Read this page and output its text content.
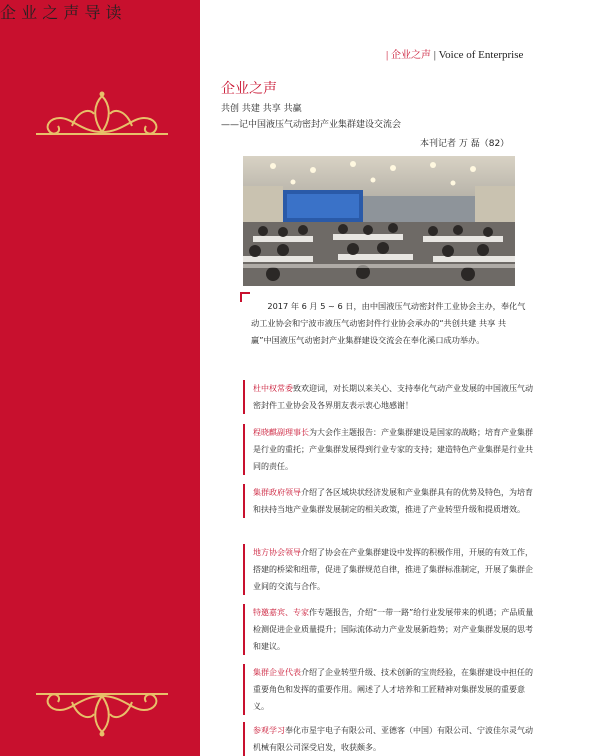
企 业 之 声 导 读
| 企业之声 | Voice of Enterprise
企业之声
共创 共建 共享 共赢
——记中国液压气动密封产业集群建设交流会
本刊记者 万 磊（82）

2017 年 6 月 5 ~ 6 日，由中国液压气动密封件工业协会主办，奉化气动工业协会和宁波市液压气动密封件行业协会承办的“共创共建 共享 共赢”中国液压气动密封产业集群建设交流会在奉化溪口成功举办。

杜中权常委致欢迎词，对长期以来关心、支持奉化气动产业发展的中国液压气动密封件工业协会及各界朋友表示衷心地感谢！
程晓麒副理事长为大会作主题报告：产业集群建设是国家的战略；培育产业集群是行业的重托；产业集群发展得到行业专家的支持；建造特色产业集群是行业共同的责任。
集群政府领导介绍了各区域块状经济发展和产业集群具有的优势及特色，为培育和扶持当地产业集群发展制定的相关政策，推进了产业转型升级和提质增效。
地方协会领导介绍了协会在产业集群建设中发挥的积极作用，开展的有效工作，搭建的桥梁和纽带，促进了集群规范自律，推进了集群标准制定，开展了集群企业间的交流与合作。
特邀嘉宾、专家作专题报告，介绍“一带一路”给行业发展带来的机遇；产品质量检测促进企业质量提升；国际流体动力产业发展新趋势；对产业集群发展的思考和建议。
集群企业代表介绍了企业转型升级、技术创新的宝贵经验，在集群建设中担任的重要角色和发挥的重要作用。阐述了人才培养和工匠精神对集群发展的重要意义。
参观学习奉化市星宇电子有限公司、亚德客（中国）有限公司、宁波佳尔灵气动机械有限公司深受启发，收获颇多。
